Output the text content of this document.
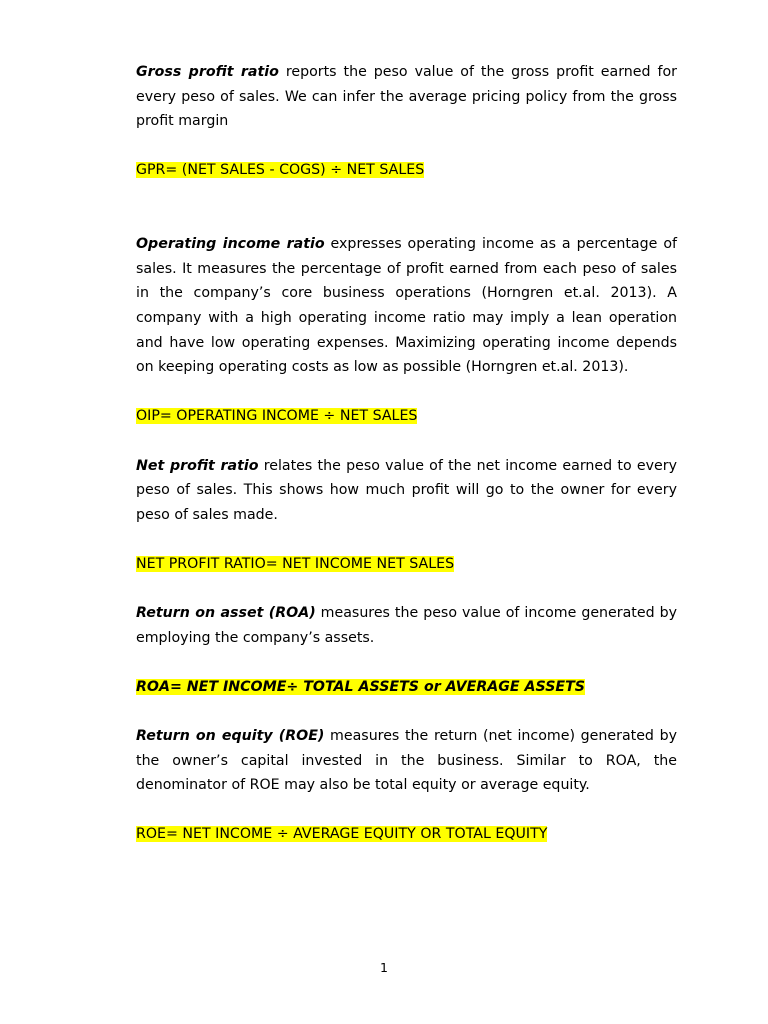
Gross profit ratio reports the peso value of the gross profit earned for every peso of sales. We can infer the average pricing policy from the gross profit margin

GPR= (NET SALES - COGS) ÷ NET SALES

Operating income ratio expresses operating income as a percentage of sales. It measures the percentage of profit earned from each peso of sales in the company’s core business operations (Horngren et.al. 2013). A company with a high operating income ratio may imply a lean operation and have low operating expenses. Maximizing operating income depends on keeping operating costs as low as possible (Horngren et.al. 2013).

OIP= OPERATING INCOME ÷ NET SALES

Net profit ratio relates the peso value of the net income earned to every peso of sales. This shows how much profit will go to the owner for every peso of sales made.

NET PROFIT RATIO= NET INCOME NET SALES

Return on asset (ROA) measures the peso value of income generated by employing the company’s assets.

ROA= NET INCOME÷ TOTAL ASSETS or AVERAGE ASSETS

Return on equity (ROE) measures the return (net income) generated by the owner’s capital invested in the business. Similar to ROA, the denominator of ROE may also be total equity or average equity.

ROE= NET INCOME ÷ AVERAGE EQUITY OR TOTAL EQUITY

1
